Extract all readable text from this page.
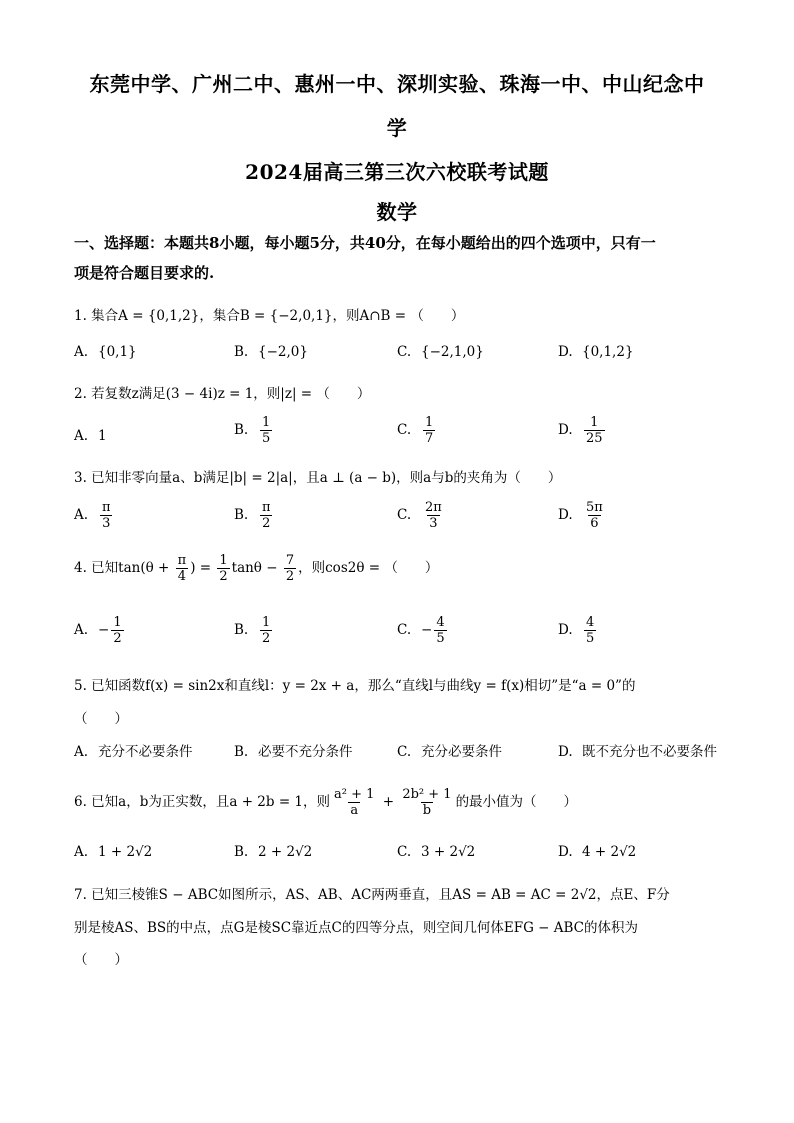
东莞中学、广州二中、惠州一中、深圳实验、珠海一中、中山纪念中
学
2024届高三第三次六校联考试题
数学
一、选择题：本题共8小题，每小题5分，共40分，在每小题给出的四个选项中，只有一
项是符合题目要求的.
1. 集合A = {0,1,2}，集合B = {−2,0,1}，则A∩B = （　　）
A. {0,1}	B. {−2,0}	C. {−2,1,0}	D. {0,1,2}
2. 若复数z满足(3 − 4i)z = 1，则|z| = （　　）
A. 1	B. $\frac{1}{5}$	C. $\frac{1}{7}$	D. $\frac{1}{25}$
3. 已知非零向量a、b满足|b| = 2|a|，且a ⊥ (a − b)，则a与b的夹角为（　　）
A. $\frac{\pi}{3}$	B. $\frac{\pi}{2}$	C. $\frac{2\pi}{3}$	D. $\frac{5\pi}{6}$
4. 已知$\tan(\theta + \frac{\pi}{4}$ ) = $\frac{1}{2}$ $\tan\theta - \frac{7}{2}$ ，则cos2θ = （　　）
A. − $\frac{1}{2}$	B. $\frac{1}{2}$	C. − $\frac{4}{5}$	D. $\frac{4}{5}$
5. 已知函数f(x) = sin2x和直线l：y = 2x + a，那么“直线l与曲线y = f(x)相切”是“a = 0”的
（　　）
A. 充分不必要条件	B. 必要不充分条件	C. 充分必要条件	D. 既不充分也不必要条件
6. 已知a，b为正实数，且a + 2b = 1，则 $\frac{\text{a² + 1}}{a} + \frac{\text{2b² + 1}}{b}$ 的最小值为（　　）
A. 1 + 2√2	B. 2 + 2√2	C. 3 + 2√2	D. 4 + 2√2
7. 已知三棱锥S − ABC如图所示，AS、AB、AC两两垂直，且AS = AB = AC = 2√2，点E、F分
别是棱AS、BS的中点，点G是棱SC靠近点C的四等分点，则空间几何体EFG − ABC的体积为
（　　）
